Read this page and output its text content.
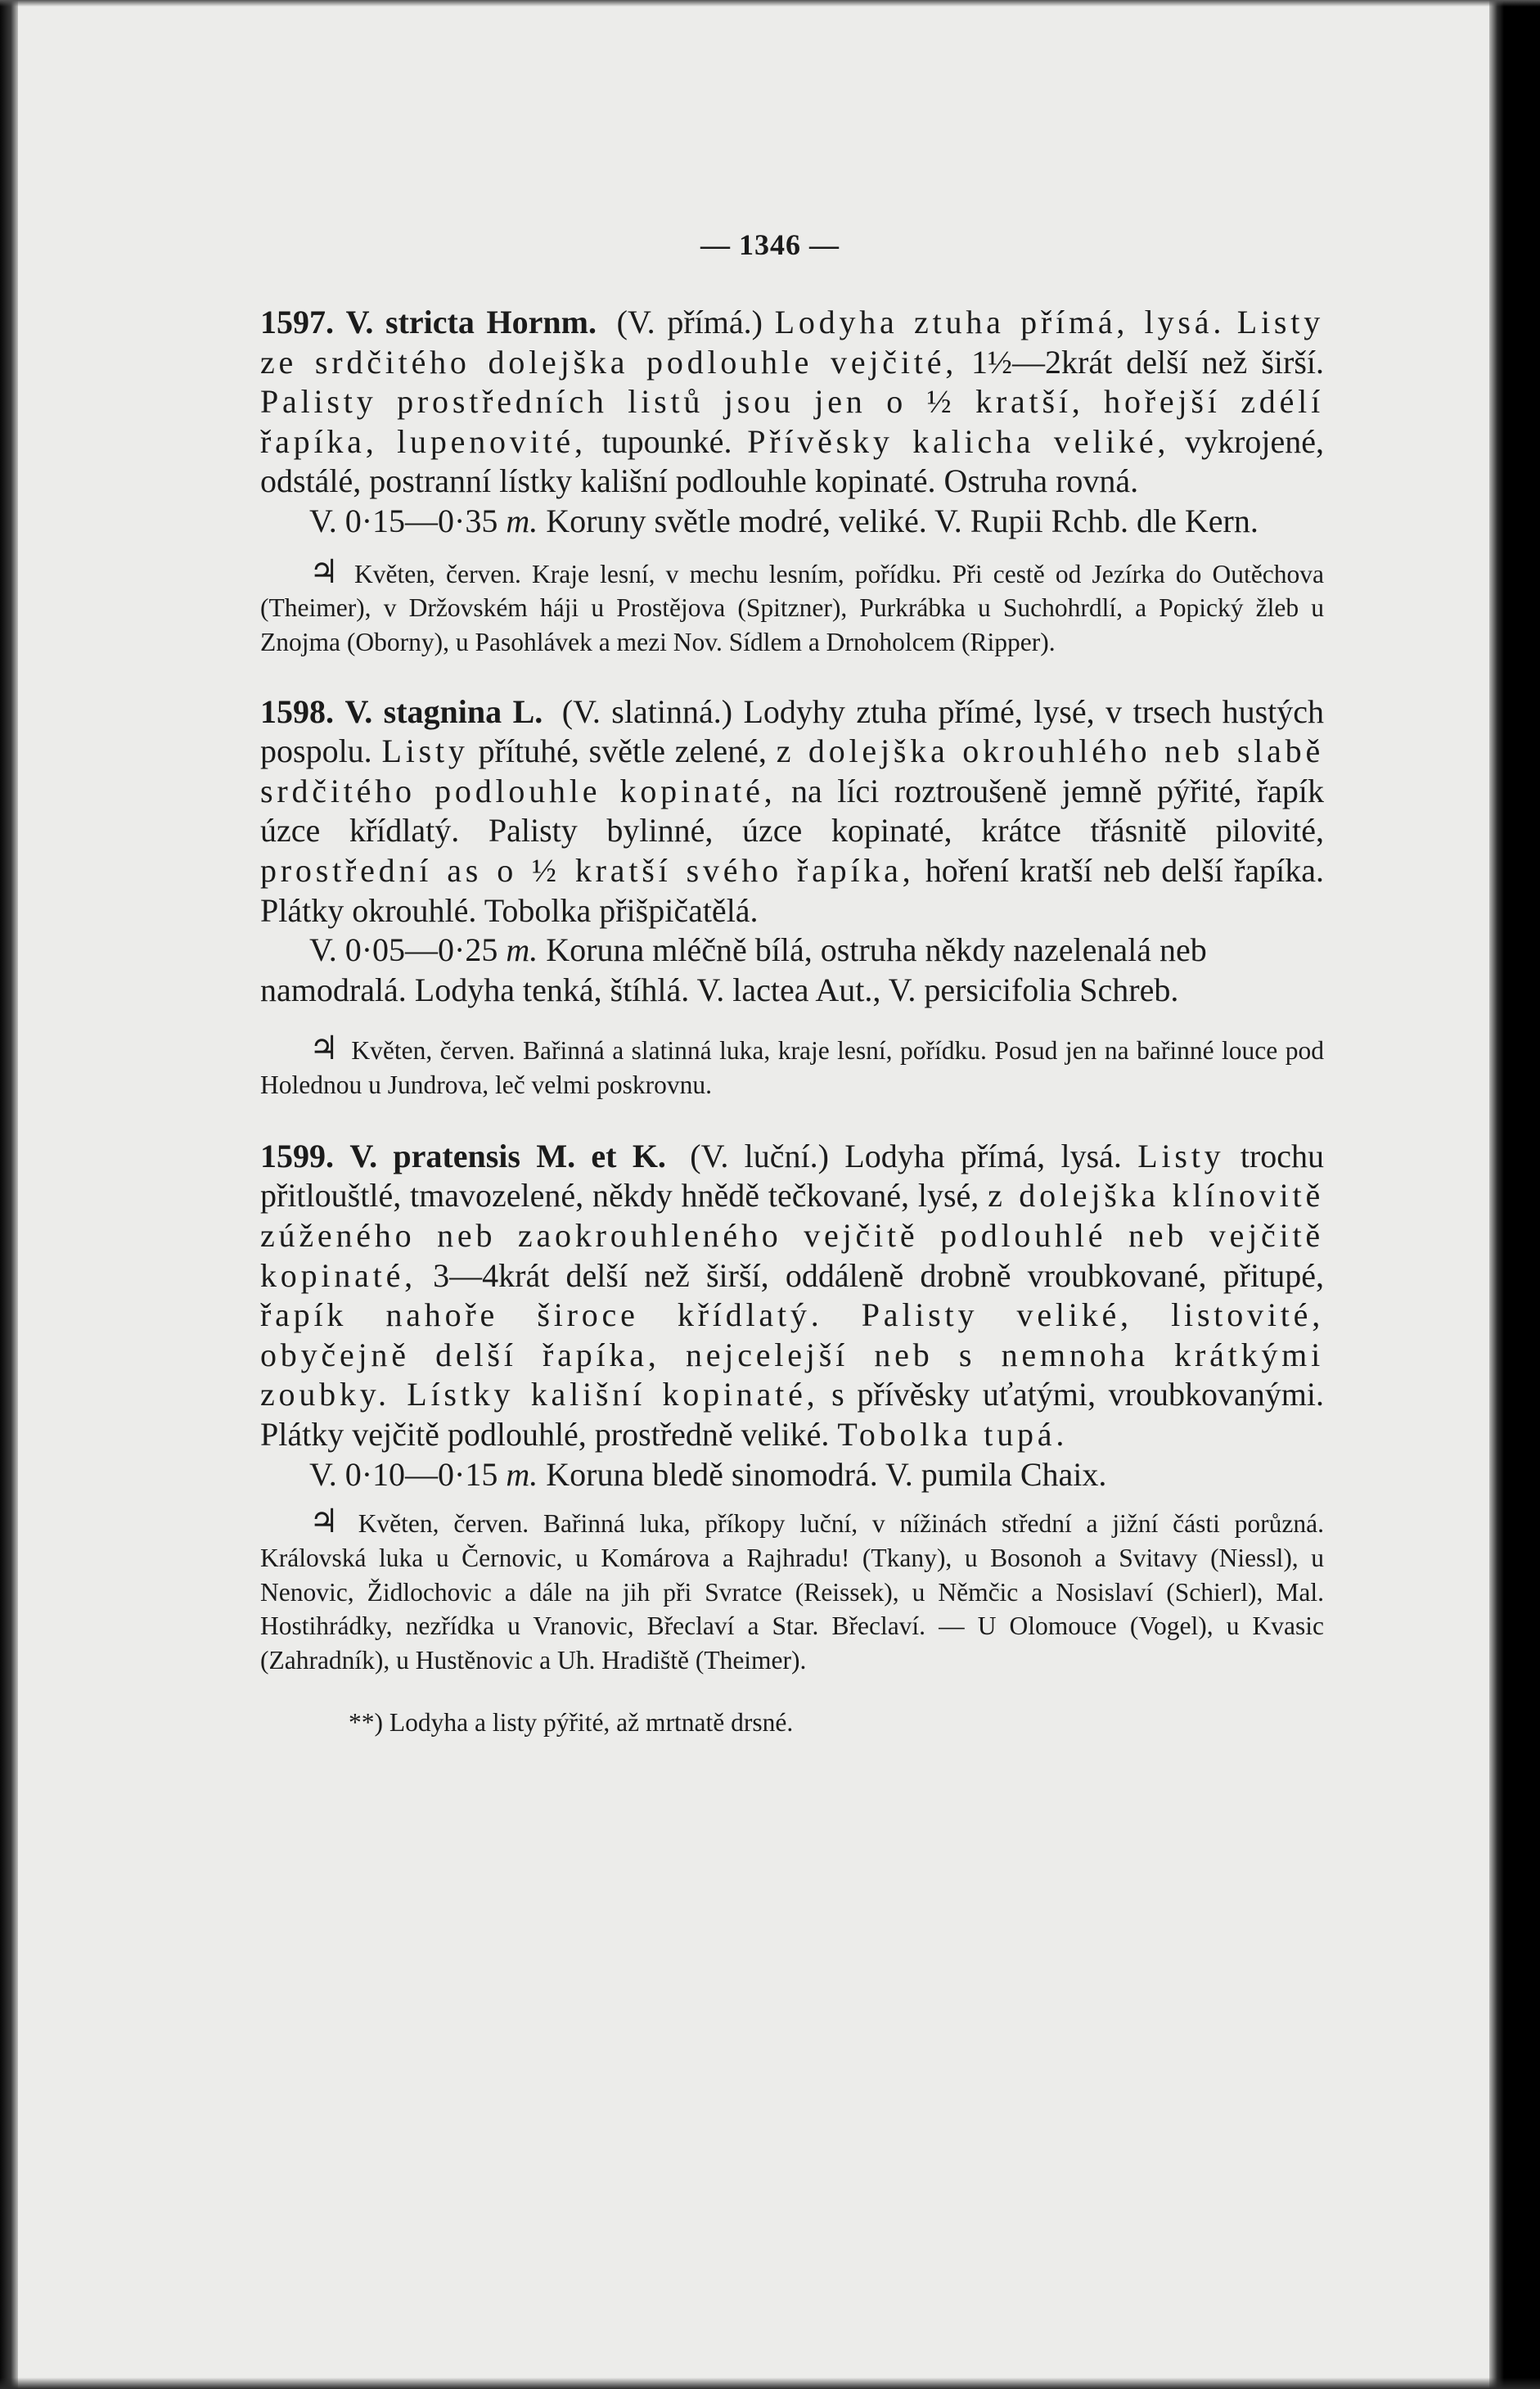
— 1346 —

1597. V. stricta Hornm. (V. přímá.) Lodyha ztuha přímá, lysá. Listy ze srdčitého dolejška podlouhle vejčité, 1½—2krát delší než širší. Palisty prostředních listů jsou jen o ½ kratší, hořejší zdélí řapíka, lupenovité, tupounké. Přívěsky kalicha veliké, vykrojené, odstálé, postranní lístky kališní podlouhle kopinaté. Ostruha rovná.

V. 0·15—0·35 m. Koruny světle modré, veliké. V. Rupii Rchb. dle Kern.

♃ Květen, červen. Kraje lesní, v mechu lesním, pořídku. Při cestě od Jezírka do Outěchova (Theimer), v Držovském háji u Prostějova (Spitzner), Purkrábka u Suchohrdlí, a Popický žleb u Znojma (Oborny), u Pasohlávek a mezi Nov. Sídlem a Drnoholcem (Ripper).

1598. V. stagnina L. (V. slatinná.) Lodyhy ztuha přímé, lysé, v trsech hustých pospolu. Listy přítuhé, světle zelené, z dolejška okrouhlého neb slabě srdčitého podlouhle kopinaté, na líci roztroušeně jemně pýřité, řapík úzce křídlatý. Palisty bylinné, úzce kopinaté, krátce třásnitě pilovité, prostřední as o ½ kratší svého řapíka, hoření kratší neb delší řapíka. Plátky okrouhlé. Tobolka přišpičatělá.

V. 0·05—0·25 m. Koruna mléčně bílá, ostruha někdy nazelenalá neb namodralá. Lodyha tenká, štíhlá. V. lactea Aut., V. persicifolia Schreb.

♃ Květen, červen. Bařinná a slatinná luka, kraje lesní, pořídku. Posud jen na bařinné louce pod Holednou u Jundrova, leč velmi poskrovnu.

1599. V. pratensis M. et K. (V. luční.) Lodyha přímá, lysá. Listy trochu přitlouštlé, tmavozelené, někdy hnědě tečkované, lysé, z dolejška klínovitě zúženého neb zaokrouhleného vejčitě podlouhlé neb vejčitě kopinaté, 3—4krát delší než širší, oddáleně drobně vroubkované, přitupé, řapík nahoře široce křídlatý. Palisty veliké, listovité, obyčejně delší řapíka, nejcelejší neb s nemnoha krátkými zoubky. Lístky kališní kopinaté, s přívěsky uťatými, vroubkovanými. Plátky vejčitě podlouhlé, prostředně veliké. Tobolka tupá.

V. 0·10—0·15 m. Koruna bledě sinomodrá. V. pumila Chaix.

♃ Květen, červen. Bařinná luka, příkopy luční, v nížinách střední a jižní části porůzná. Královská luka u Černovic, u Komárova a Rajhradu! (Tkany), u Bosonoh a Svitavy (Niessl), u Nenovic, Židlochovic a dále na jih při Svratce (Reissek), u Němčic a Nosislaví (Schierl), Mal. Hostihrádky, nezřídka u Vranovic, Břeclaví a Star. Břeclaví. — U Olomouce (Vogel), u Kvasic (Zahradník), u Hustěnovic a Uh. Hradiště (Theimer).

**) Lodyha a listy pýřité, až mrtnatě drsné.
